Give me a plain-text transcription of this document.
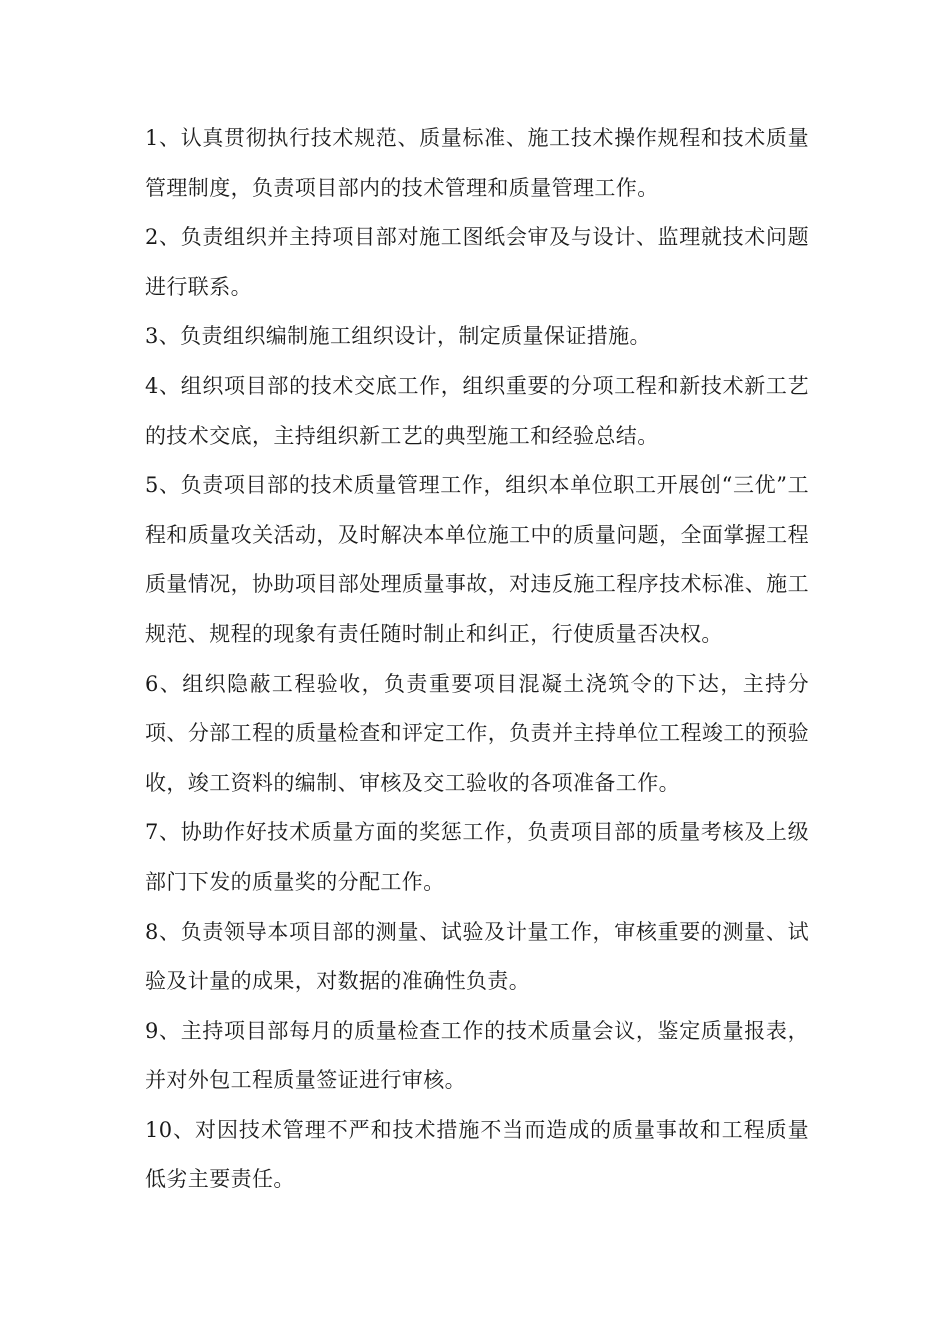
1、认真贯彻执行技术规范、质量标准、施工技术操作规程和技术质量管理制度，负责项目部内的技术管理和质量管理工作。

2、负责组织并主持项目部对施工图纸会审及与设计、监理就技术问题进行联系。

3、负责组织编制施工组织设计，制定质量保证措施。

4、组织项目部的技术交底工作，组织重要的分项工程和新技术新工艺的技术交底，主持组织新工艺的典型施工和经验总结。

5、负责项目部的技术质量管理工作，组织本单位职工开展创“三优”工程和质量攻关活动，及时解决本单位施工中的质量问题，全面掌握工程质量情况，协助项目部处理质量事故，对违反施工程序技术标准、施工规范、规程的现象有责任随时制止和纠正，行使质量否决权。

6、组织隐蔽工程验收，负责重要项目混凝土浇筑令的下达，主持分项、分部工程的质量检查和评定工作，负责并主持单位工程竣工的预验收，竣工资料的编制、审核及交工验收的各项准备工作。

7、协助作好技术质量方面的奖惩工作，负责项目部的质量考核及上级部门下发的质量奖的分配工作。

8、负责领导本项目部的测量、试验及计量工作，审核重要的测量、试验及计量的成果，对数据的准确性负责。

9、主持项目部每月的质量检查工作的技术质量会议，鉴定质量报表，并对外包工程质量签证进行审核。

10、对因技术管理不严和技术措施不当而造成的质量事故和工程质量低劣主要责任。
